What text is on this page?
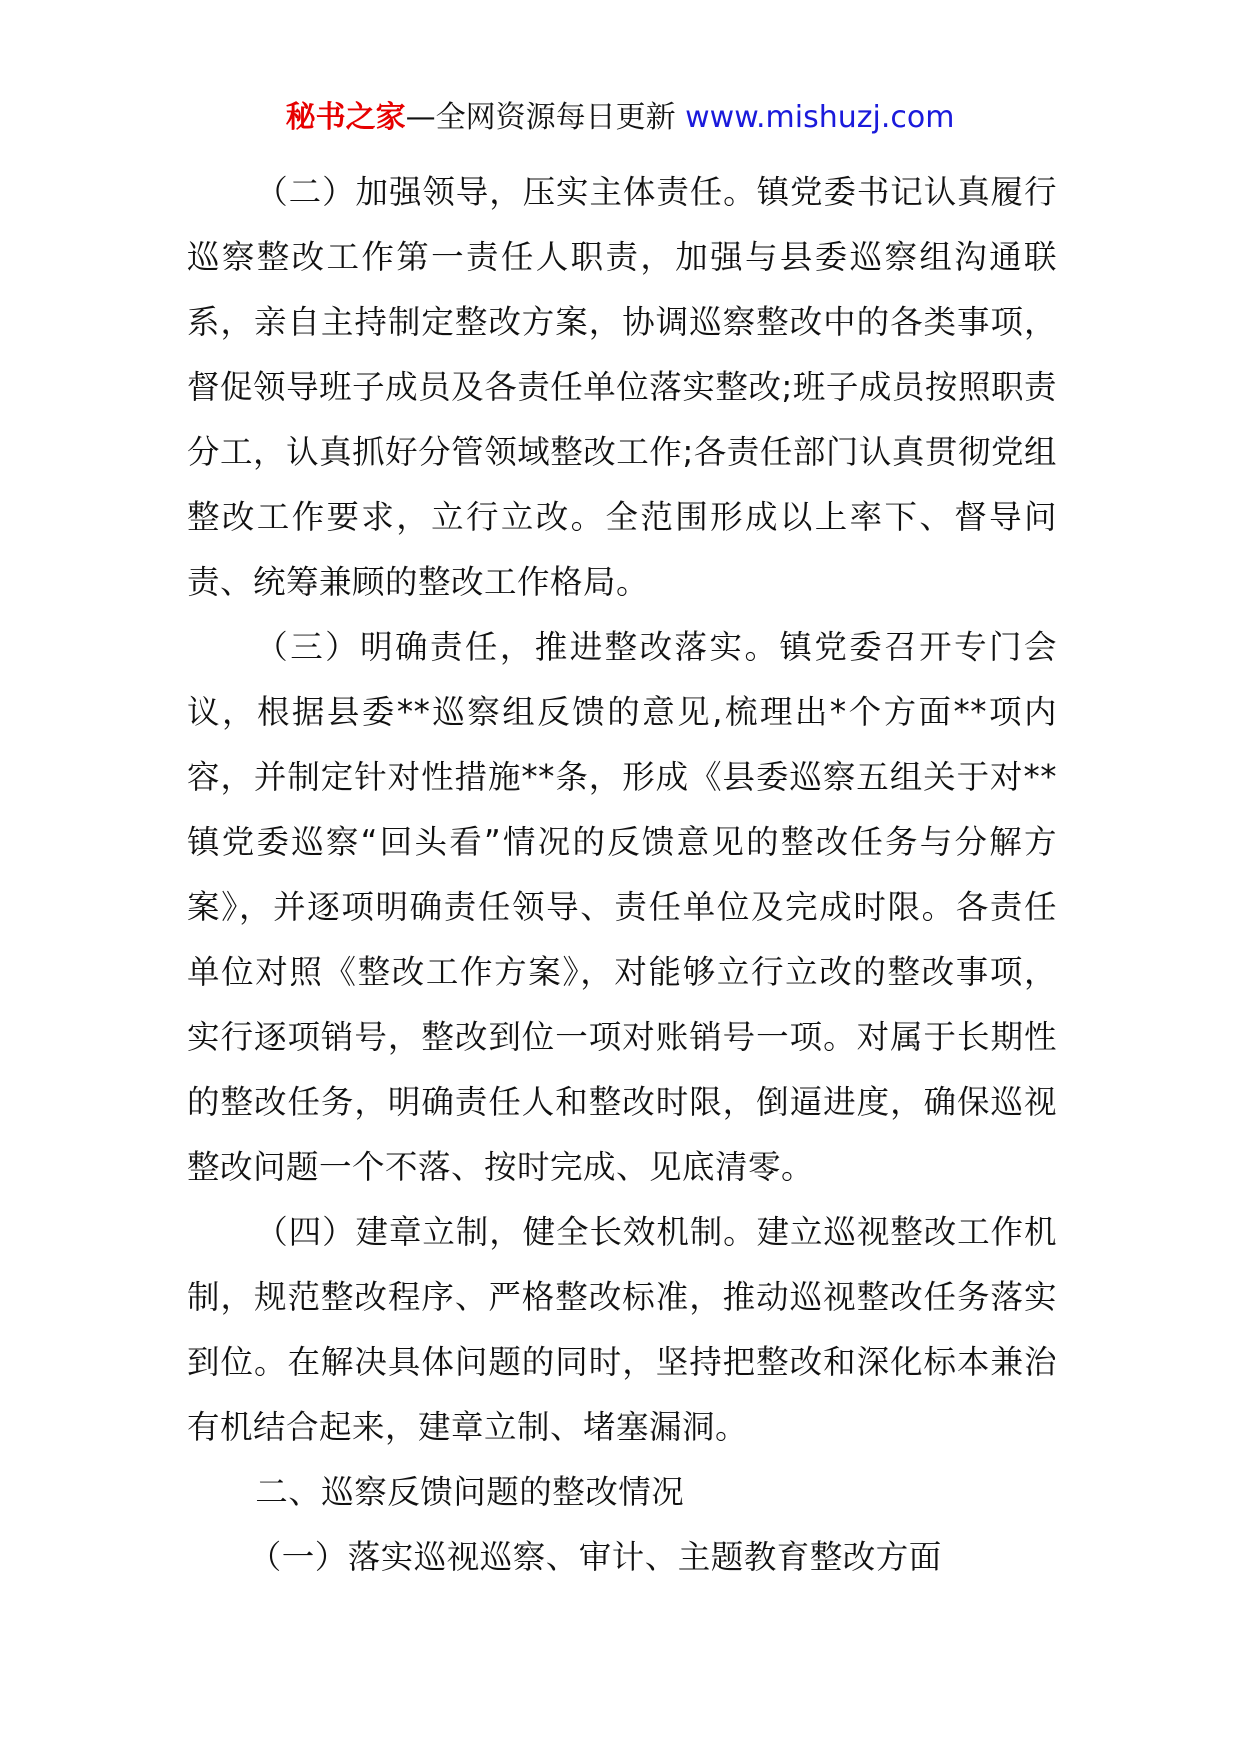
秘书之家—全网资源每日更新 www.mishuzj.com

（二）加强领导，压实主体责任。镇党委书记认真履行巡察整改工作第一责任人职责，加强与县委巡察组沟通联系，亲自主持制定整改方案，协调巡察整改中的各类事项，督促领导班子成员及各责任单位落实整改;班子成员按照职责分工，认真抓好分管领域整改工作;各责任部门认真贯彻党组整改工作要求，立行立改。全范围形成以上率下、督导问责、统筹兼顾的整改工作格局。

（三）明确责任，推进整改落实。镇党委召开专门会议，根据县委**巡察组反馈的意见,梳理出*个方面**项内容，并制定针对性措施**条，形成《县委巡察五组关于对**镇党委巡察“回头看”情况的反馈意见的整改任务与分解方案》，并逐项明确责任领导、责任单位及完成时限。各责任单位对照《整改工作方案》，对能够立行立改的整改事项，实行逐项销号，整改到位一项对账销号一项。对属于长期性的整改任务，明确责任人和整改时限，倒逼进度，确保巡视整改问题一个不落、按时完成、见底清零。

（四）建章立制，健全长效机制。建立巡视整改工作机制，规范整改程序、严格整改标准，推动巡视整改任务落实到位。在解决具体问题的同时，坚持把整改和深化标本兼治有机结合起来，建章立制、堵塞漏洞。

二、巡察反馈问题的整改情况

（一）落实巡视巡察、审计、主题教育整改方面
